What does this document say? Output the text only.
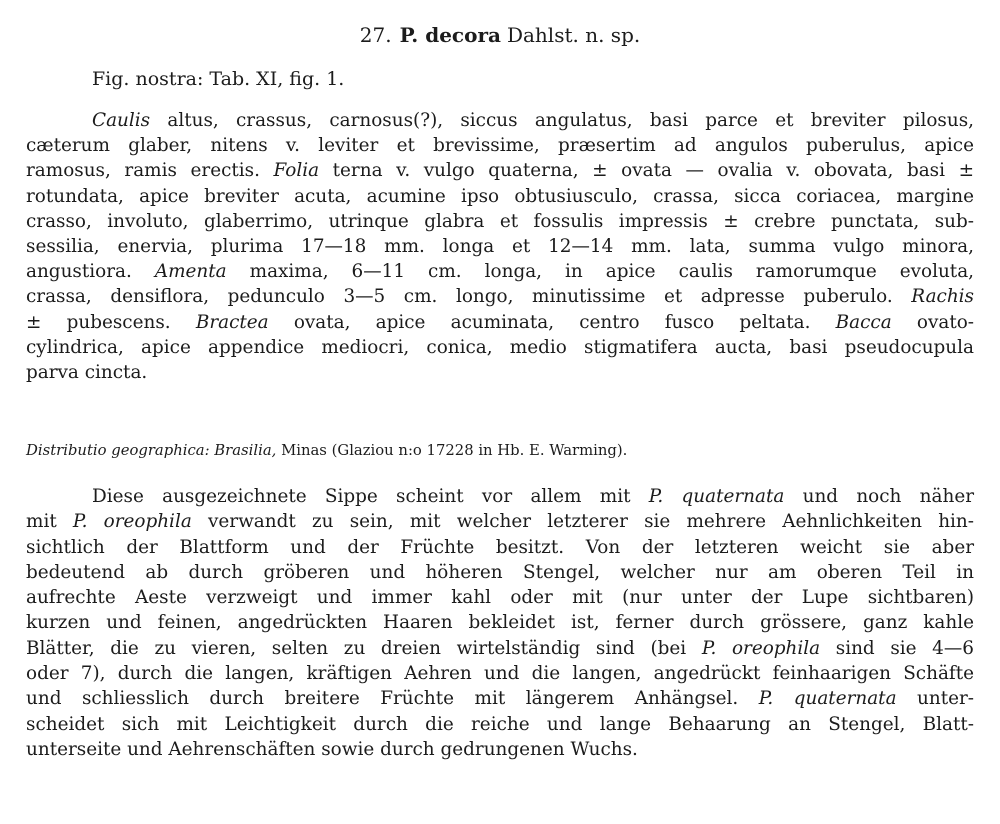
27. P. decora Dahlst. n. sp.
Fig. nostra: Tab. XI, fig. 1.
Caulis altus, crassus, carnosus(?), siccus angulatus, basi parce et breviter pilosus,
cæterum glaber, nitens v. leviter et brevissime, præsertim ad angulos puberulus, apice
ramosus, ramis erectis. Folia terna v. vulgo quaterna, ± ovata — ovalia v. obovata, basi ±
rotundata, apice breviter acuta, acumine ipso obtusiusculo, crassa, sicca coriacea, margine
crasso, involuto, glaberrimo, utrinque glabra et fossulis impressis ± crebre punctata, sub-
sessilia, enervia, plurima 17—18 mm. longa et 12—14 mm. lata, summa vulgo minora,
angustiora. Amenta maxima, 6—11 cm. longa, in apice caulis ramorumque evoluta,
crassa, densiflora, pedunculo 3—5 cm. longo, minutissime et adpresse puberulo. Rachis
± pubescens. Bractea ovata, apice acuminata, centro fusco peltata. Bacca ovato-
cylindrica, apice appendice mediocri, conica, medio stigmatifera aucta, basi pseudocupula
parva cincta.
Distributio geographica: Brasilia, Minas (Glaziou n:o 17228 in Hb. E. Warming).
Diese ausgezeichnete Sippe scheint vor allem mit P. quaternata und noch näher
mit P. oreophila verwandt zu sein, mit welcher letzterer sie mehrere Aehnlichkeiten hin-
sichtlich der Blattform und der Früchte besitzt. Von der letzteren weicht sie aber
bedeutend ab durch gröberen und höheren Stengel, welcher nur am oberen Teil in
aufrechte Aeste verzweigt und immer kahl oder mit (nur unter der Lupe sichtbaren)
kurzen und feinen, angedrückten Haaren bekleidet ist, ferner durch grössere, ganz kahle
Blätter, die zu vieren, selten zu dreien wirtelständig sind (bei P. oreophila sind sie 4—6
oder 7), durch die langen, kräftigen Aehren und die langen, angedrückt feinhaarigen Schäfte
und schliesslich durch breitere Früchte mit längerem Anhängsel. P. quaternata unter-
scheidet sich mit Leichtigkeit durch die reiche und lange Behaarung an Stengel, Blatt-
unterseite und Aehrenschäften sowie durch gedrungenen Wuchs.
